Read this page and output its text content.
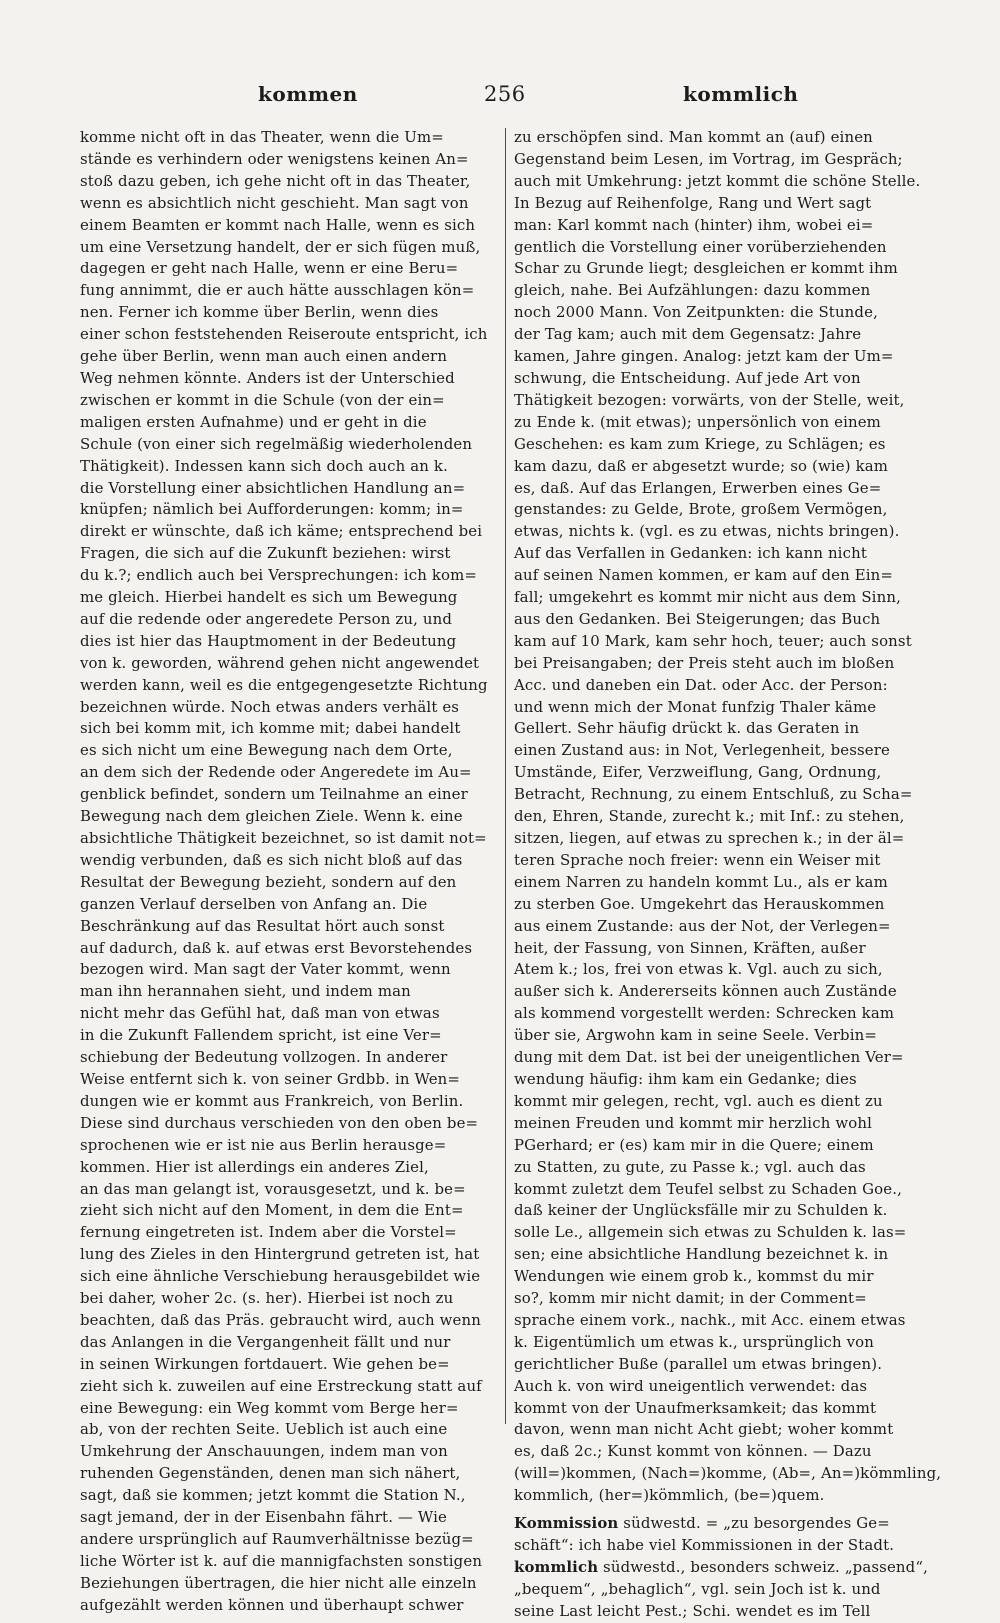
kommen	256	kommlich
komme nicht oft in das Theater, wenn die Um=
stände es verhindern oder wenigstens keinen An=
stoß dazu geben, ich gehe nicht oft in das Theater,
wenn es absichtlich nicht geschieht. Man sagt von
einem Beamten er kommt nach Halle, wenn es sich
um eine Versetzung handelt, der er sich fügen muß,
dagegen er geht nach Halle, wenn er eine Beru=
fung annimmt, die er auch hätte ausschlagen kön=
nen. Ferner ich komme über Berlin, wenn dies
einer schon feststehenden Reiseroute entspricht, ich
gehe über Berlin, wenn man auch einen andern
Weg nehmen könnte. Anders ist der Unterschied
zwischen er kommt in die Schule (von der ein=
maligen ersten Aufnahme) und er geht in die
Schule (von einer sich regelmäßig wiederholenden
Thätigkeit). Indessen kann sich doch auch an k.
die Vorstellung einer absichtlichen Handlung an=
knüpfen; nämlich bei Aufforderungen: komm; in=
direkt er wünschte, daß ich käme; entsprechend bei
Fragen, die sich auf die Zukunft beziehen: wirst
du k.?; endlich auch bei Versprechungen: ich kom=
me gleich. Hierbei handelt es sich um Bewegung
auf die redende oder angeredete Person zu, und
dies ist hier das Hauptmoment in der Bedeutung
von k. geworden, während gehen nicht angewendet
werden kann, weil es die entgegengesetzte Richtung
bezeichnen würde. Noch etwas anders verhält es
sich bei komm mit, ich komme mit; dabei handelt
es sich nicht um eine Bewegung nach dem Orte,
an dem sich der Redende oder Angeredete im Au=
genblick befindet, sondern um Teilnahme an einer
Bewegung nach dem gleichen Ziele. Wenn k. eine
absichtliche Thätigkeit bezeichnet, so ist damit not=
wendig verbunden, daß es sich nicht bloß auf das
Resultat der Bewegung bezieht, sondern auf den
ganzen Verlauf derselben von Anfang an. Die
Beschränkung auf das Resultat hört auch sonst
auf dadurch, daß k. auf etwas erst Bevorstehendes
bezogen wird. Man sagt der Vater kommt, wenn
man ihn herannahen sieht, und indem man
nicht mehr das Gefühl hat, daß man von etwas
in die Zukunft Fallendem spricht, ist eine Ver=
schiebung der Bedeutung vollzogen. In anderer
Weise entfernt sich k. von seiner Grdbb. in Wen=
dungen wie er kommt aus Frankreich, von Berlin.
Diese sind durchaus verschieden von den oben be=
sprochenen wie er ist nie aus Berlin herausge=
kommen. Hier ist allerdings ein anderes Ziel,
an das man gelangt ist, vorausgesetzt, und k. be=
zieht sich nicht auf den Moment, in dem die Ent=
fernung eingetreten ist. Indem aber die Vorstel=
lung des Zieles in den Hintergrund getreten ist, hat
sich eine ähnliche Verschiebung herausgebildet wie
bei daher, woher 2c. (s. her). Hierbei ist noch zu
beachten, daß das Präs. gebraucht wird, auch wenn
das Anlangen in die Vergangenheit fällt und nur
in seinen Wirkungen fortdauert. Wie gehen be=
zieht sich k. zuweilen auf eine Erstreckung statt auf
eine Bewegung: ein Weg kommt vom Berge her=
ab, von der rechten Seite. Ueblich ist auch eine
Umkehrung der Anschauungen, indem man von
ruhenden Gegenständen, denen man sich nähert,
sagt, daß sie kommen; jetzt kommt die Station N.,
sagt jemand, der in der Eisenbahn fährt. — Wie
andere ursprünglich auf Raumverhältnisse bezüg=
liche Wörter ist k. auf die mannigfachsten sonstigen
Beziehungen übertragen, die hier nicht alle einzeln
aufgezählt werden können und überhaupt schwer
zu erschöpfen sind. Man kommt an (auf) einen
Gegenstand beim Lesen, im Vortrag, im Gespräch;
auch mit Umkehrung: jetzt kommt die schöne Stelle.
In Bezug auf Reihenfolge, Rang und Wert sagt
man: Karl kommt nach (hinter) ihm, wobei ei=
gentlich die Vorstellung einer vorüberziehenden
Schar zu Grunde liegt; desgleichen er kommt ihm
gleich, nahe. Bei Aufzählungen: dazu kommen
noch 2000 Mann. Von Zeitpunkten: die Stunde,
der Tag kam; auch mit dem Gegensatz: Jahre
kamen, Jahre gingen. Analog: jetzt kam der Um=
schwung, die Entscheidung. Auf jede Art von
Thätigkeit bezogen: vorwärts, von der Stelle, weit,
zu Ende k. (mit etwas); unpersönlich von einem
Geschehen: es kam zum Kriege, zu Schlägen; es
kam dazu, daß er abgesetzt wurde; so (wie) kam
es, daß. Auf das Erlangen, Erwerben eines Ge=
genstandes: zu Gelde, Brote, großem Vermögen,
etwas, nichts k. (vgl. es zu etwas, nichts bringen).
Auf das Verfallen in Gedanken: ich kann nicht
auf seinen Namen kommen, er kam auf den Ein=
fall; umgekehrt es kommt mir nicht aus dem Sinn,
aus den Gedanken. Bei Steigerungen; das Buch
kam auf 10 Mark, kam sehr hoch, teuer; auch sonst
bei Preisangaben; der Preis steht auch im bloßen
Acc. und daneben ein Dat. oder Acc. der Person:
und wenn mich der Monat funfzig Thaler käme
Gellert. Sehr häufig drückt k. das Geraten in
einen Zustand aus: in Not, Verlegenheit, bessere
Umstände, Eifer, Verzweiflung, Gang, Ordnung,
Betracht, Rechnung, zu einem Entschluß, zu Scha=
den, Ehren, Stande, zurecht k.; mit Inf.: zu stehen,
sitzen, liegen, auf etwas zu sprechen k.; in der äl=
teren Sprache noch freier: wenn ein Weiser mit
einem Narren zu handeln kommt Lu., als er kam
zu sterben Goe. Umgekehrt das Herauskommen
aus einem Zustande: aus der Not, der Verlegen=
heit, der Fassung, von Sinnen, Kräften, außer
Atem k.; los, frei von etwas k. Vgl. auch zu sich,
außer sich k. Andererseits können auch Zustände
als kommend vorgestellt werden: Schrecken kam
über sie, Argwohn kam in seine Seele. Verbin=
dung mit dem Dat. ist bei der uneigentlichen Ver=
wendung häufig: ihm kam ein Gedanke; dies
kommt mir gelegen, recht, vgl. auch es dient zu
meinen Freuden und kommt mir herzlich wohl
PGerhard; er (es) kam mir in die Quere; einem
zu Statten, zu gute, zu Passe k.; vgl. auch das
kommt zuletzt dem Teufel selbst zu Schaden Goe.,
daß keiner der Unglücksfälle mir zu Schulden k.
solle Le., allgemein sich etwas zu Schulden k. las=
sen; eine absichtliche Handlung bezeichnet k. in
Wendungen wie einem grob k., kommst du mir
so?, komm mir nicht damit; in der Comment=
sprache einem vork., nachk., mit Acc. einem etwas
k. Eigentümlich um etwas k., ursprünglich von
gerichtlicher Buße (parallel um etwas bringen).
Auch k. von wird uneigentlich verwendet: das
kommt von der Unaufmerksamkeit; das kommt
davon, wenn man nicht Acht giebt; woher kommt
es, daß 2c.; Kunst kommt von können. — Dazu
(will=)kommen, (Nach=)komme, (Ab=, An=)kömmling,
kommlich, (her=)kömmlich, (be=)quem.
Kommission südwestd. = „zu besorgendes Ge=
schäft“: ich habe viel Kommissionen in der Stadt.
kommlich südwestd., besonders schweiz. „passend“,
„bequem“, „behaglich“, vgl. sein Joch ist k. und
seine Last leicht Pest.; Schi. wendet es im Tell
